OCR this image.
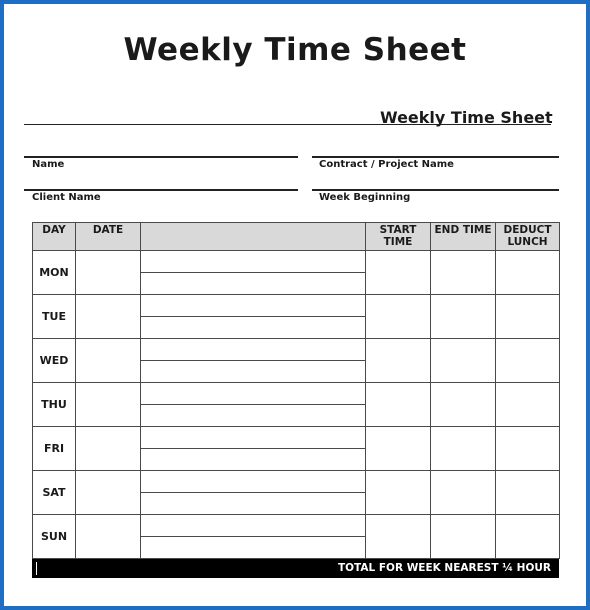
Weekly Time Sheet
Weekly Time Sheet
Name	Contract / Project Name
Client Name	Week Beginning
DAY	DATE		START TIME	END TIME	DEDUCT LUNCH
MON		

TUE		

WED		

THU		

FRI		

SAT		

SUN		

TOTAL FOR WEEK NEAREST ¼ HOUR
